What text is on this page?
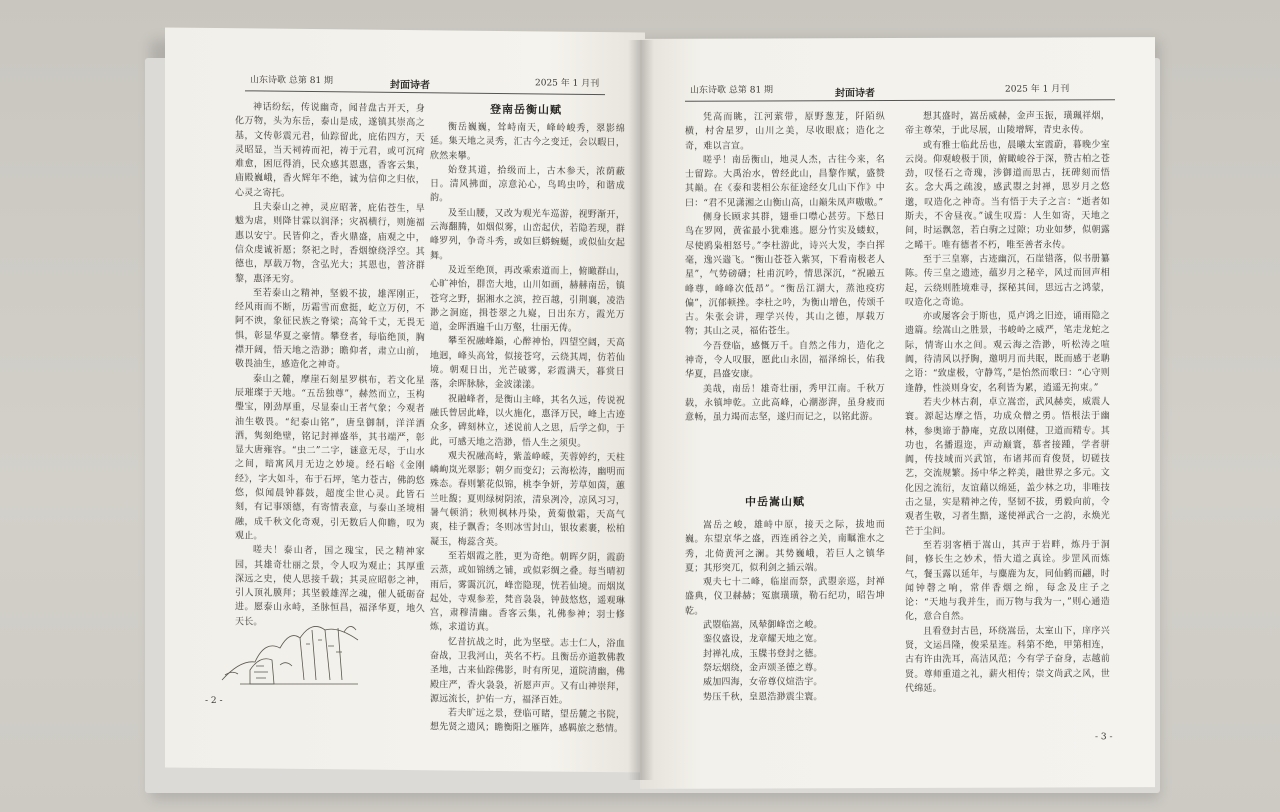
山东诗歌 总第 81 期	封面诗者	2025 年 1 月刊

神话纷纭，传说幽奇，闻昔盘古开天，身化万物，头为东岳，泰山是成，遂镇其崇高之基，文传彰震元君，仙踪留此，庇佑四方，天灵昭显，当天祠祷而祀，祷于元君，或可沉疴难愈，困厄得消，民众感其恩惠，香客云集，庙殿巍峨，香火辉年不绝，诚为信仰之归依，心灵之寄托。

且夫泰山之神，灵应昭著，庇佑苍生，旱魃为虐，则降甘霖以润泽；灾祸横行，则施福惠以安宁。民皆仰之，香火鼎盛，庙观之中，信众虔诚祈愿；祭祀之时，香烟缭绕浮空。其德也，厚载万物，含弘光大；其恩也，普济群黎，惠泽无穷。

至若泰山之精神，坚毅不拔，雄浑刚正，经风雨而不断，历霜雪而愈挺，屹立万仞，不阿不谀，象征民族之脊梁；高耸千丈，无畏无惧，彰显华夏之豪情。攀登者，每临绝顶，胸襟开阔，悟天地之浩渺；瞻仰者，肃立山前，敬畏油生，感造化之神奇。

泰山之麓，摩崖石刻星罗棋布，若文化星辰璀璨于天地。“五岳独尊”，赫然而立，玉构璺宝，刚劲厚重，尽显泰山王者气象；今观者油生敬畏。“纪泰山铭”，唐皇御制，洋洋洒洒，隽刻绝壁，铭记封禅盛举，其书端严，彰显大唐雍容。“虫二”二字，谜意无尽，于山水之间，暗寓风月无边之妙境。经石峪《金刚经》，字大如斗，布于石坪，笔力苍古，佛韵悠悠，似闻晨钟暮鼓，超度尘世心灵。此皆石刻，有记事颂德，有寄情表意，与泰山圣境相融，成千秋文化奇观，引无数后人仰瞻，叹为观止。

嗟夫！泰山者，国之瑰宝，民之精神家园，其雄奇壮丽之景，令人叹为观止；其厚重深远之史，使人思接千载；其灵应昭彰之神，引人顶礼膜拜；其坚毅雄浑之魂，催人砥砺奋进。愿泰山永峙，圣脉恒昌，福泽华夏，地久天长。

登南岳衡山赋

衡岳巍巍，耸峙南天，峰岭峻秀，翠影绵延。集天地之灵秀，汇古今之变迁，会以暇日，欣然来攀。

始登其道，拾级而上，古木参天，浓荫蔽日。清风拂面，凉意沁心，鸟鸣虫吟，和谐成韵。

及至山腰，又改为观光车巡游，视野渐开，云海翻腾，如烟似雾，山峦起伏，若隐若现，群峰罗列，争奇斗秀，或如巨蟒蜿蜒，或似仙女起舞。

及近至绝顶，再改乘索道而上，俯瞰群山，心旷神怡，群峦大地，山川如画，赫赫南岳，镇苍穹之野，据湘水之滨，控百越，引荆襄，凌浩渺之洞庭，揖苍翠之九嶷，日出东方，霞光万道，金晖洒遍千山万壑，壮丽无俦。

攀至祝融峰巅，心醉神怡，四望空阔，天高地迥，峰头高耸，似接苍穹，云绕其周，仿若仙境。朝观日出，光芒破雾，彩霞满天，暮赏日落，余晖脉脉，金波漾漾。

祝融峰者，是衡山主峰，其名久远，传说祝融氏曾居此峰，以火施化，惠泽万民，峰上古迹众多，碑刻林立，述说前人之思，后学之仰，于此，可感天地之浩渺，悟人生之须臾。

观夫祝融高峙，紫盖峥嵘，芙蓉婷约，天柱嶙峋岚光翠影；朝夕而变幻；云海松涛，幽明而殊态。春则繁花似锦，桃李争妍，芳草如茵，蕙兰吐馥；夏则绿树阴浓，清泉冽冷，凉风习习，暑气顿消；秋则枫林丹染，黄菊傲霜，天高气爽，桂子飘香；冬则冰雪封山，银妆素裹，松柏凝玉，梅蕊含英。

至若烟霞之胜，更为奇绝。朝晖夕阴，霞蔚云蒸，或如锦绣之铺，或似彩绸之叠。每当晴初雨后，雾霭沉沉，峰峦隐现，恍若仙境。而烟岚起处，寺观参差，梵音袅袅，钟鼓悠悠，遥观琳宫，肃穆清幽。香客云集，礼佛参神；羽士修炼，求道访真。

忆昔抗战之时，此为坚壁。志士仁人，浴血奋战，卫我河山，英名不朽。且衡岳亦道教佛教圣地，古来仙踪佛影，时有所见，道院清幽，佛殿庄严，香火袅袅，祈愿声声。又有山神崇拜，源远流长，护佑一方，福泽百姓。

若夫旷远之景，登临可睹，望岳麓之书院，想先贤之遗风；瞻衡阳之雁阵，感羁旅之愁情。

- 2 -
山东诗歌 总第 81 期	封面诗者	2025 年 1 月刊

凭高而眺，江河萦带，原野葱茏，阡陌纵横，村舍星罗，山川之美，尽收眼底；造化之奇，难以言宣。

嗟乎！南岳衡山，地灵人杰，古往今来，名士留踪。大禹治水，曾经此山，昌黎作赋，盛赞其巅。在《泰和裴相公东征途经女几山下作》中曰：“君不见潇湘之山衡山高，山巅朱凤声嗷嗷。”

侧身长顾求其群，翅垂口噤心甚劳。下愁日鸟在罗网，黄雀最小犹难逃。愿分竹实及蝼蚁，尽使鸥枭相怒号。”李杜游此，诗兴大发，李白挥毫，逸兴遄飞。“衡山苍苍入紫冥，下看南极老人星”，气势磅礴；杜甫沉吟，情思深沉，“祝融五峰尊，峰峰次低昂”。“衡岳江湖大，蒸池疫疠偏”，沉郁顿挫。李杜之吟，为衡山增色，传颂千古。朱张会讲，理学兴传，其山之德，厚载万物；其山之灵，福佑苍生。

今吾登临，感慨万千。自然之伟力，造化之神奇，令人叹服，愿此山永固，福泽绵长，佑我华夏，昌盛安康。

美哉，南岳！雄奇壮丽，秀甲江南。千秋万载，永镇坤乾。立此高峰，心潮澎湃，虽身疲而意畅，虽力竭而志坚，遂归而记之，以铭此游。

中岳嵩山赋

嵩岳之峻，雄峙中原，接天之际，拔地而巍。东望京华之盛，西连函谷之关，南瞩淮水之秀，北倚黄河之澜。其势巍峨，若巨人之镇华夏；其形突兀，似利剑之插云端。

观夫七十二峰，临崖而祭，武曌亲巡，封禅盛典，仪卫赫赫；冤旗璜璜，勒石纪功，昭告坤乾。

武曌临嵩，凤辇御峰峦之峻。
銮仪盛设，龙章耀天地之宽。
封禅礼成，玉牒书登封之德。
祭坛烟绕，金声颂圣德之尊。
威加四海，女帝尊仪煊浩宇。
势压千秋，皇恩浩渺震尘寰。

想其盛时，嵩岳威赫，金声玉振，璜珮祥烟，帝主尊荣，于此尽展，山陵增辉，青史永传。

或有雅士临此岳也，晨曦太室霞蔚，暮晚少室云岗。仰观峻极于顶，俯瞰峻谷于深，赞古柏之苍劲，叹怪石之奇瑰，涉御道而思古，抚碑刻而悟玄。念大禹之疏浚，感武曌之封禅，思岁月之悠邈，叹造化之神奇。当有悟于夫子之言：“逝者如斯夫，不舍昼夜。”诚生叹焉：人生如寄，天地之间，时运飘忽，若白驹之过隙；功业如梦，似朝露之晞干。唯有德者不朽，唯至善者永传。

至于三皇寨，古迹幽沉，石崖错落，似书册纂陈。传三皇之遗迹，蕴岁月之秘辛，风过而回声相起，云绕则胜境难寻，探秘其间，思远古之鸿蒙，叹造化之奇诡。

亦或屡客会于斯也，觅卢鸿之旧迹，诵雨隐之遗篇。绘嵩山之胜景，书峻岭之威严，笔走龙蛇之际，情寄山水之间。观云海之浩渺，听松涛之喧阗，待清风以抒胸，邀明月而共眠，既而感于老聃之语：“致虚极，守静笃，”是怡然而歌曰：“心守则逢静，性淡则身安，名利皆为累，逍遥无拘束。”

若夫少林古刹，卓立嵩峦，武风赫奕，威震人寰。源起达摩之悟，功成众僧之勇。悟根法于幽林，参奥谛于静庵，克敌以刚健，卫道而精专。其功也，名播遐迩，声动巅寰，慕者接踵，学者骈阗，传技域而兴武馆，布诸邦而育俊贤，切磋技艺，交流规繁。扬中华之粹美，融世界之多元。文化因之流衍，友谊藉以绵延，盖少林之功，非唯技击之显，实是精神之传，坚韧不拔，勇毅向前，令观者生敬，习者生黯，遂使禅武合一之韵，永焕光芒于尘间。

至若羽客栖于嵩山，其声于岩畔，炼丹于洞间，修长生之妙术，悟大道之真诠。步罡风而炼气，餐玉露以延年，与麋鹿为友，同仙鹤而翩，时闻钟磬之响，常伴香烟之绵，每念及庄子之论：“天地与我并生，而万物与我为一，”则心通造化，意合自然。

且看登封古邑，环绕嵩岳，太室山下，庠序兴贤，文运昌隆，俊采星连。科第不绝，甲第相连，古有许由洗耳，高洁风范；今有学子奋身，志越前贤。尊师重道之礼，薪火相传；崇文尚武之风，世代绵延。

- 3 -
